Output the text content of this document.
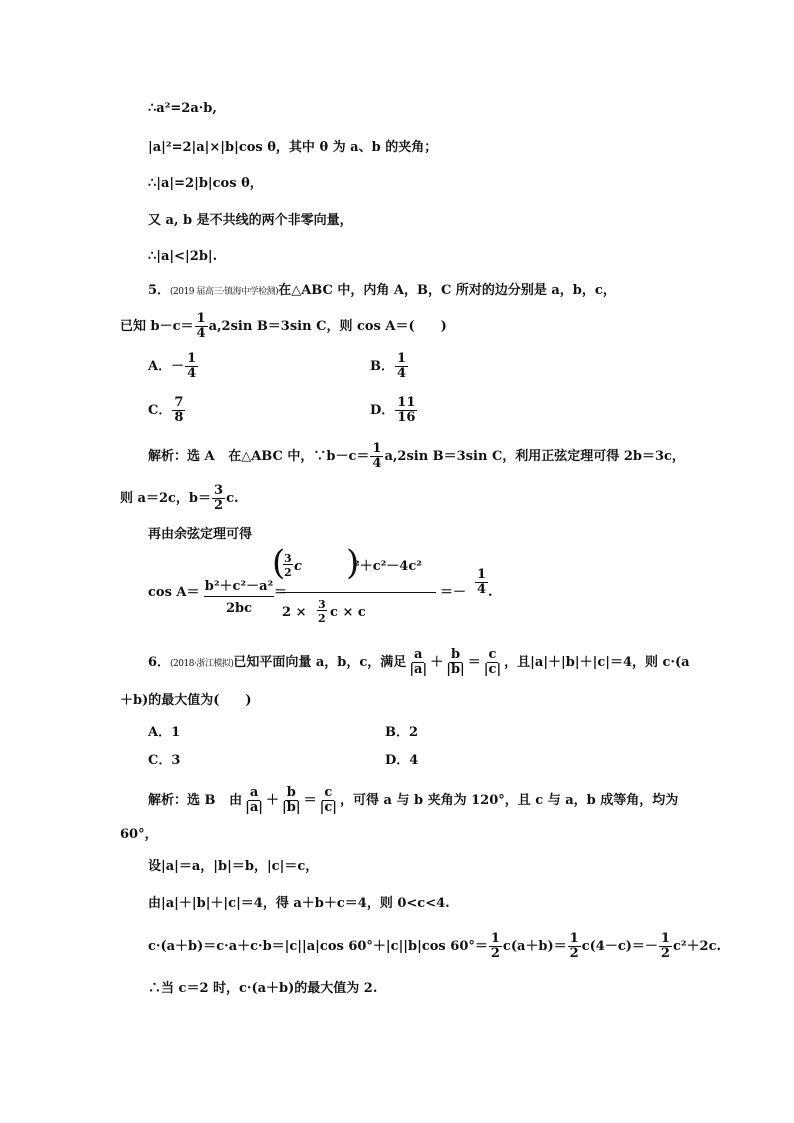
∴a²=2a·b,
|a|²=2|a|×|b|cos θ，其中 θ 为 a、b 的夹角；
∴|a|=2|b|cos θ，
又 a, b 是不共线的两个非零向量，
∴|a|<|2b|.
5．(2019 届高三·镇海中学检测)在△ABC 中，内角 A，B，C 所对的边分别是 a，b，c，
已知 $b-c= \frac{1}{4} a,2\sin$ B＝3sin C，则 cos A＝(　　)
A．－ $\frac{1}{4}$	B． $\frac{1}{4}$
C． $\frac{7}{8}$	D． $\frac{11}{16}$
解析：选 A 在△ABC 中，∵b－c＝ $\frac{1}{4} a,2\sin$ B＝3sin C，利用正弦定理可得 2b＝3c，
则 a＝2c，$b= \frac{3}{2} c$.
再由余弦定理可得
cos A＝ b²＋c²－a²
2bc
＝
(
3
2 c )
²＋c²－4c²
2 ×
3
2 c × c
＝－ $\frac{1}{4}$ .
6．(2018·浙江模拟)已知平面向量 a，b，c，满足 $\frac{a}{|a|} + \frac{b}{|b|} = \frac{c}{|c|}$ ，且|a|＋|b|＋|c|＝4，则 c·(a
＋b)的最大值为(　　)
A．1	B．2
C．3	D．4
解析：选 B 由 $\frac{a}{|a|} + \frac{b}{|b|} = \frac{c}{|c|}$ ，可得 a 与 b 夹角为 120°，且 c 与 a，b 成等角，均为
60°，
设|a|＝a，|b|＝b，|c|＝c，
由|a|＋|b|＋|c|＝4，得 a＋b＋c＝4，则 0<c<4.
c·(a＋b)＝c·a＋c·b＝|c||a|cos 60°＋|c||b|cos $60^\circ= \frac{1}{2} c(a+b)= \frac{1}{2} c(4-c)=- \frac{1}{2} c^2+2c$.
∴当 c＝2 时，c·(a＋b)的最大值为 2.
